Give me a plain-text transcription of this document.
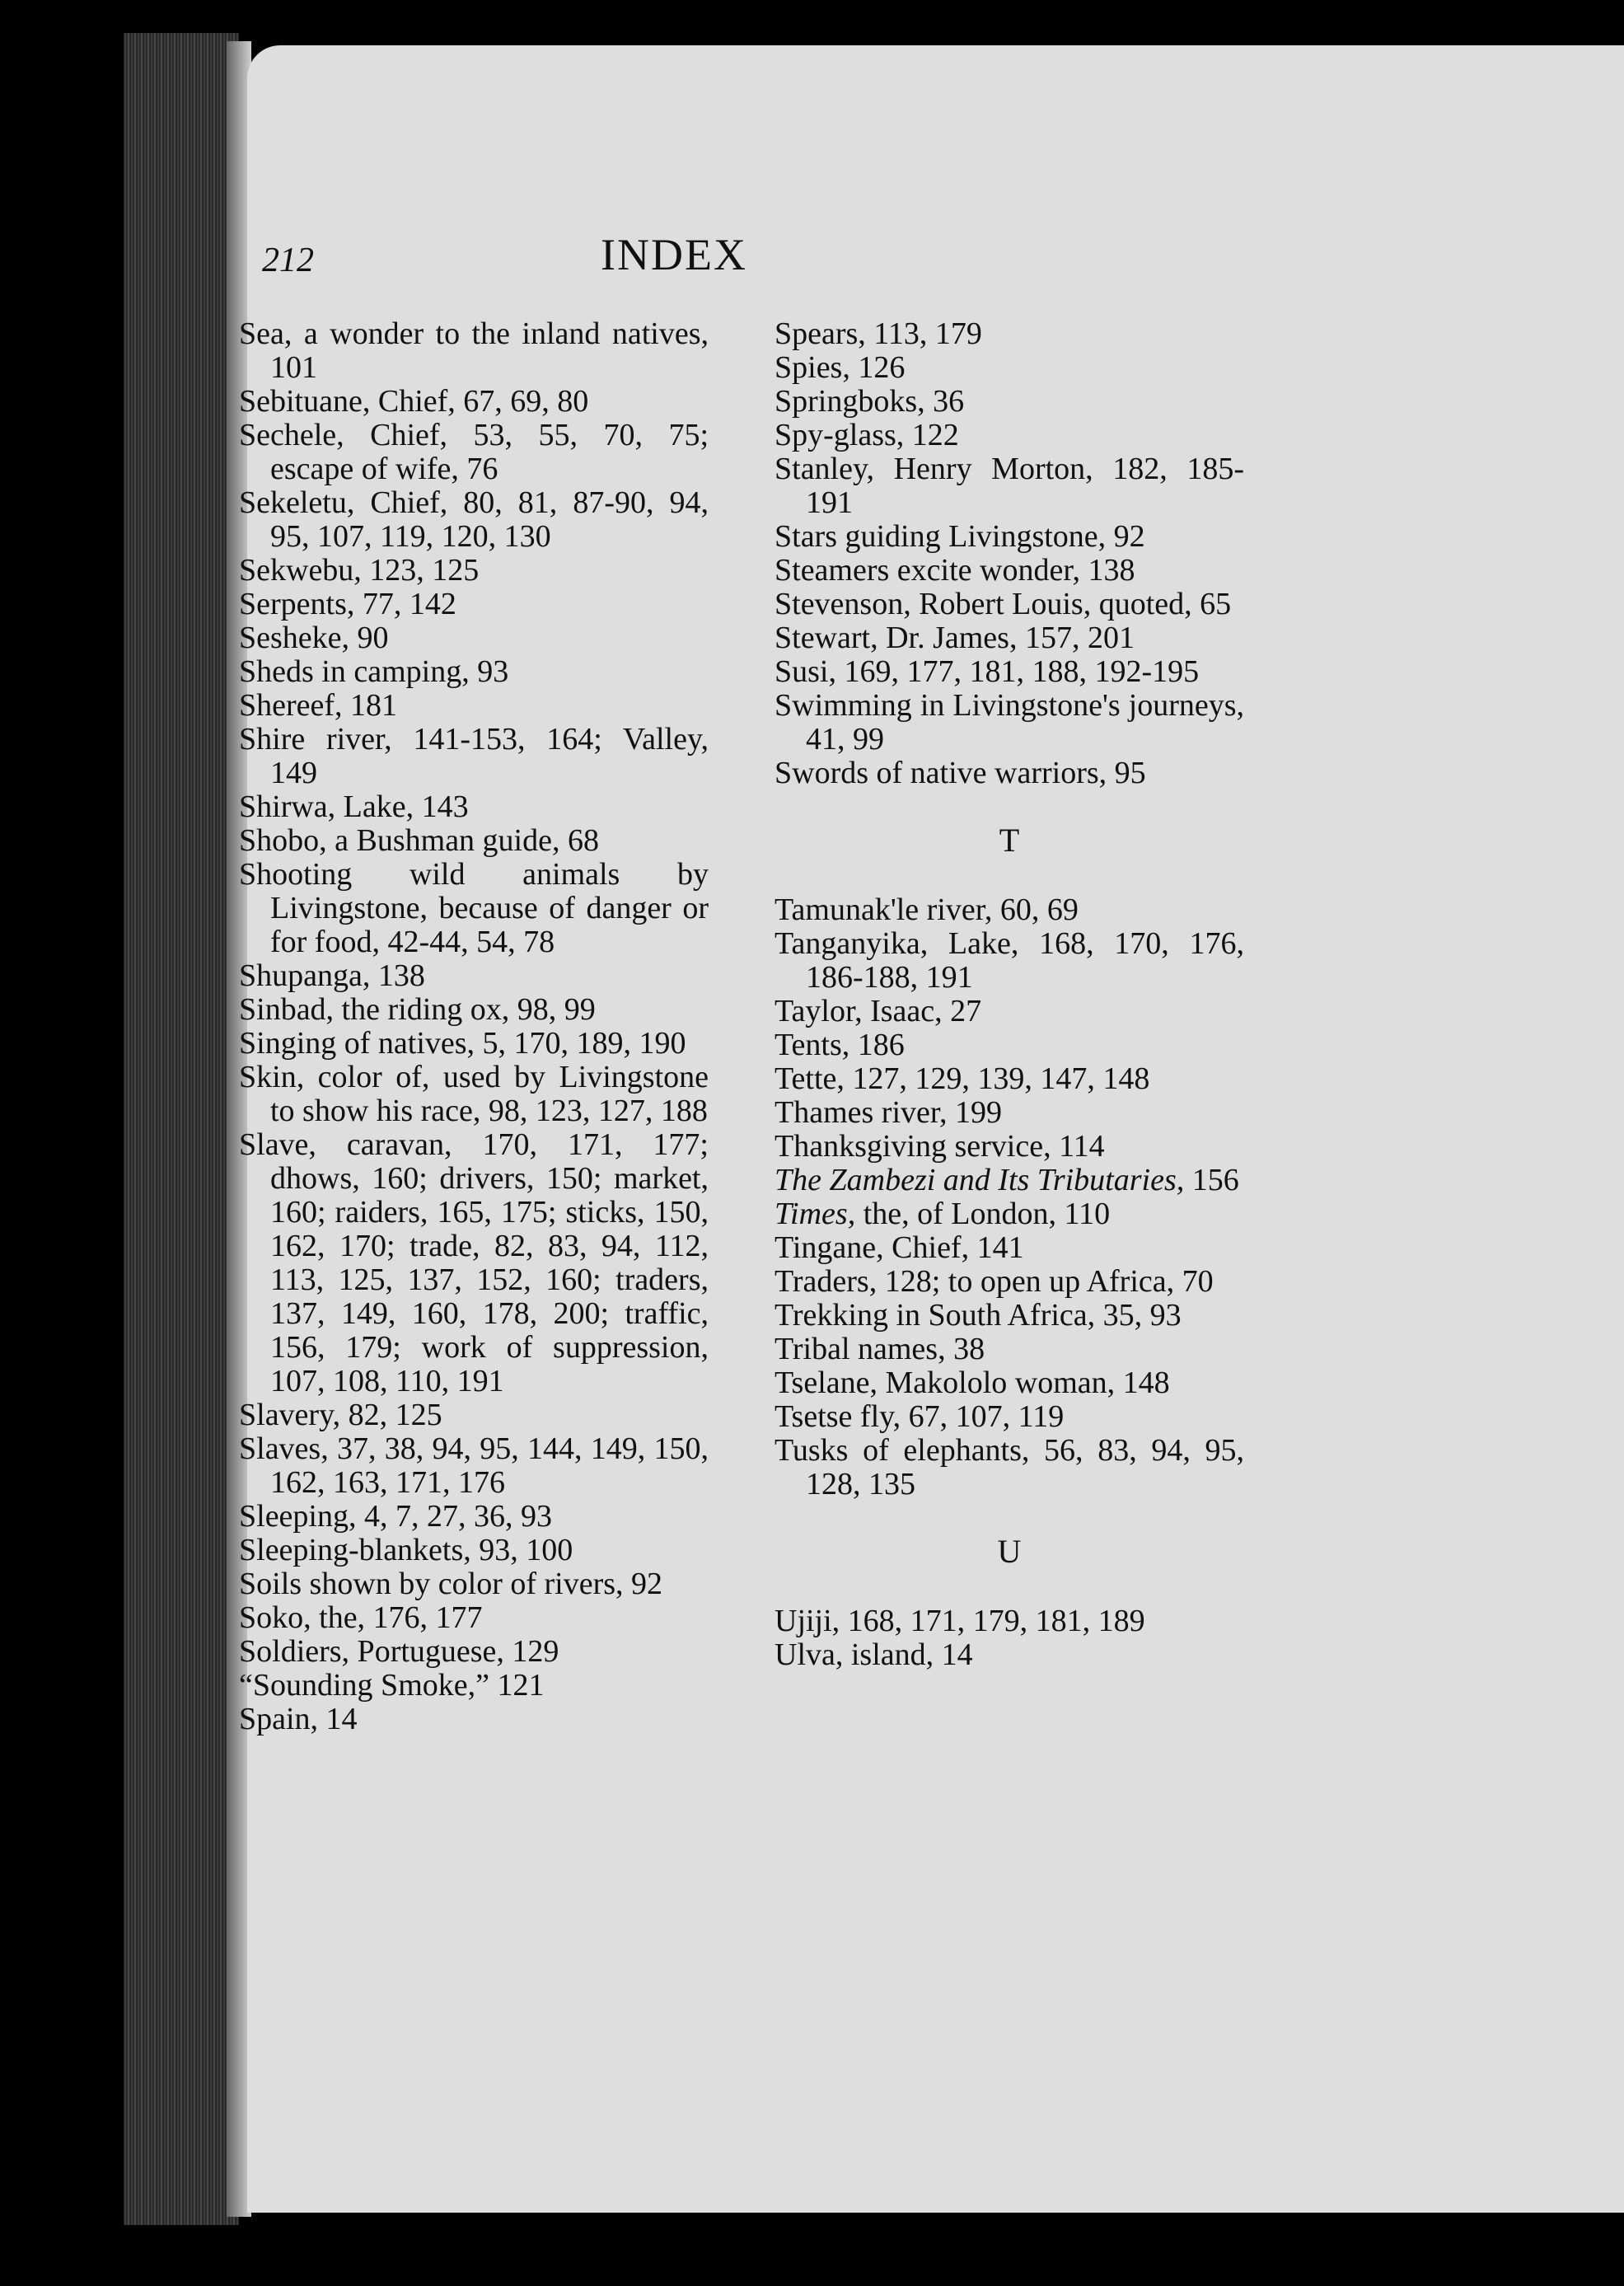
212	INDEX
Sea, a wonder to the inland natives, 101
Sebituane, Chief, 67, 69, 80
Sechele, Chief, 53, 55, 70, 75; escape of wife, 76
Sekeletu, Chief, 80, 81, 87-90, 94, 95, 107, 119, 120, 130
Sekwebu, 123, 125
Serpents, 77, 142
Sesheke, 90
Sheds in camping, 93
Shereef, 181
Shire river, 141-153, 164; Valley, 149
Shirwa, Lake, 143
Shobo, a Bushman guide, 68
Shooting wild animals by Livingstone, because of danger or for food, 42-44, 54, 78
Shupanga, 138
Sinbad, the riding ox, 98, 99
Singing of natives, 5, 170, 189, 190
Skin, color of, used by Livingstone to show his race, 98, 123, 127, 188
Slave, caravan, 170, 171, 177; dhows, 160; drivers, 150; market, 160; raiders, 165, 175; sticks, 150, 162, 170; trade, 82, 83, 94, 112, 113, 125, 137, 152, 160; traders, 137, 149, 160, 178, 200; traffic, 156, 179; work of suppression, 107, 108, 110, 191
Slavery, 82, 125
Slaves, 37, 38, 94, 95, 144, 149, 150, 162, 163, 171, 176
Sleeping, 4, 7, 27, 36, 93
Sleeping-blankets, 93, 100
Soils shown by color of rivers, 92
Soko, the, 176, 177
Soldiers, Portuguese, 129
“Sounding Smoke,” 121
Spain, 14
Spears, 113, 179
Spies, 126
Springboks, 36
Spy-glass, 122
Stanley, Henry Morton, 182, 185-191
Stars guiding Livingstone, 92
Steamers excite wonder, 138
Stevenson, Robert Louis, quoted, 65
Stewart, Dr. James, 157, 201
Susi, 169, 177, 181, 188, 192-195
Swimming in Livingstone's journeys, 41, 99
Swords of native warriors, 95
T
Tamunak'le river, 60, 69
Tanganyika, Lake, 168, 170, 176, 186-188, 191
Taylor, Isaac, 27
Tents, 186
Tette, 127, 129, 139, 147, 148
Thames river, 199
Thanksgiving service, 114
The Zambezi and Its Tributaries, 156
Times, the, of London, 110
Tingane, Chief, 141
Traders, 128; to open up Africa, 70
Trekking in South Africa, 35, 93
Tribal names, 38
Tselane, Makololo woman, 148
Tsetse fly, 67, 107, 119
Tusks of elephants, 56, 83, 94, 95, 128, 135
U
Ujiji, 168, 171, 179, 181, 189
Ulva, island, 14
